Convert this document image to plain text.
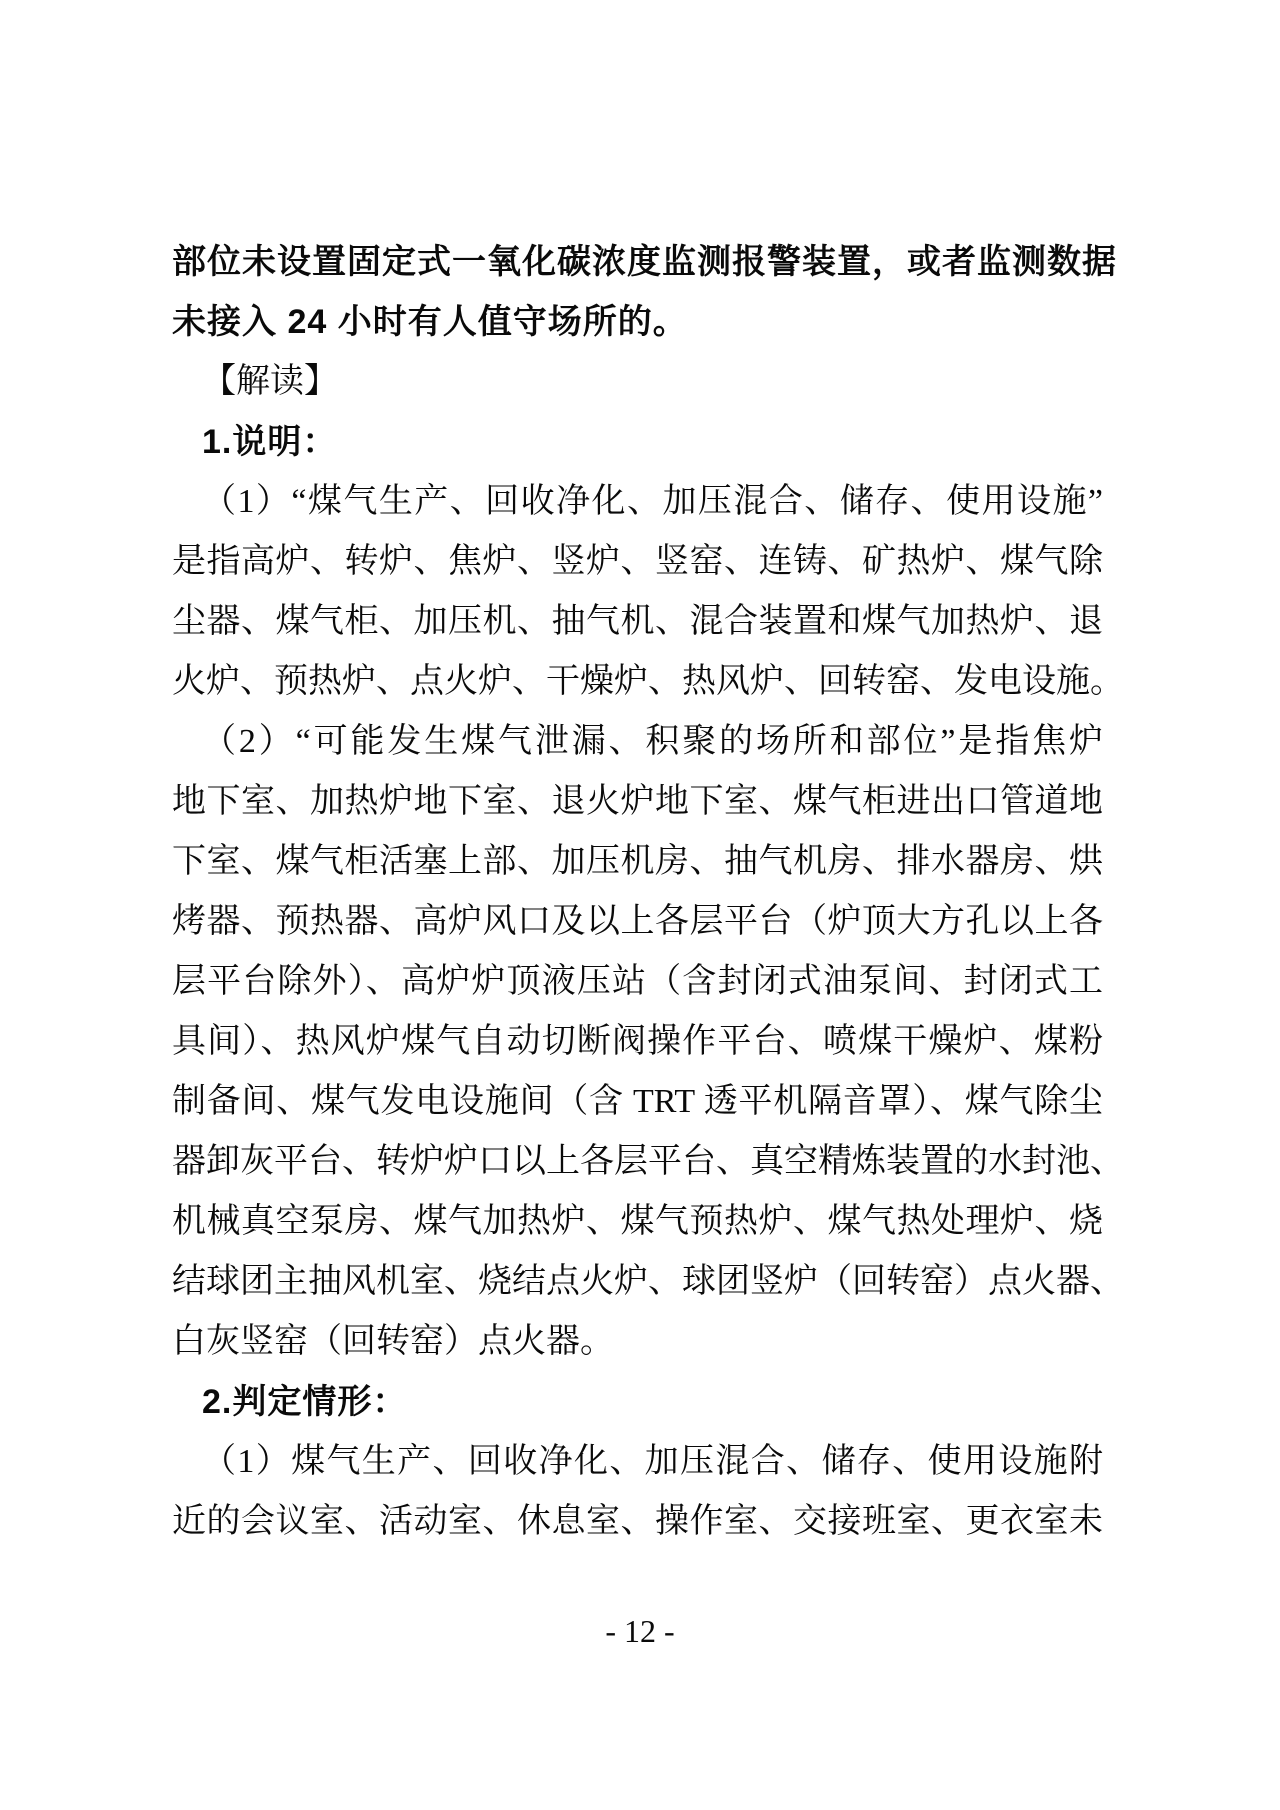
部位未设置固定式一氧化碳浓度监测报警装置，或者监测数据
未接入 24 小时有人值守场所的。
【解读】
1.说明：
（1）“煤气生产、回收净化、加压混合、储存、使用设施”
是指高炉、转炉、焦炉、竖炉、竖窑、连铸、矿热炉、煤气除
尘器、煤气柜、加压机、抽气机、混合装置和煤气加热炉、退
火炉、预热炉、点火炉、干燥炉、热风炉、回转窑、发电设施。
（2）“可能发生煤气泄漏、积聚的场所和部位”是指焦炉
地下室、加热炉地下室、退火炉地下室、煤气柜进出口管道地
下室、煤气柜活塞上部、加压机房、抽气机房、排水器房、烘
烤器、预热器、高炉风口及以上各层平台（炉顶大方孔以上各
层平台除外）、高炉炉顶液压站（含封闭式油泵间、封闭式工
具间）、热风炉煤气自动切断阀操作平台、喷煤干燥炉、煤粉
制备间、煤气发电设施间（含 TRT 透平机隔音罩）、煤气除尘
器卸灰平台、转炉炉口以上各层平台、真空精炼装置的水封池、
机械真空泵房、煤气加热炉、煤气预热炉、煤气热处理炉、烧
结球团主抽风机室、烧结点火炉、球团竖炉（回转窑）点火器、
白灰竖窑（回转窑）点火器。
2.判定情形：
（1）煤气生产、回收净化、加压混合、储存、使用设施附
近的会议室、活动室、休息室、操作室、交接班室、更衣室未
- 12 -
